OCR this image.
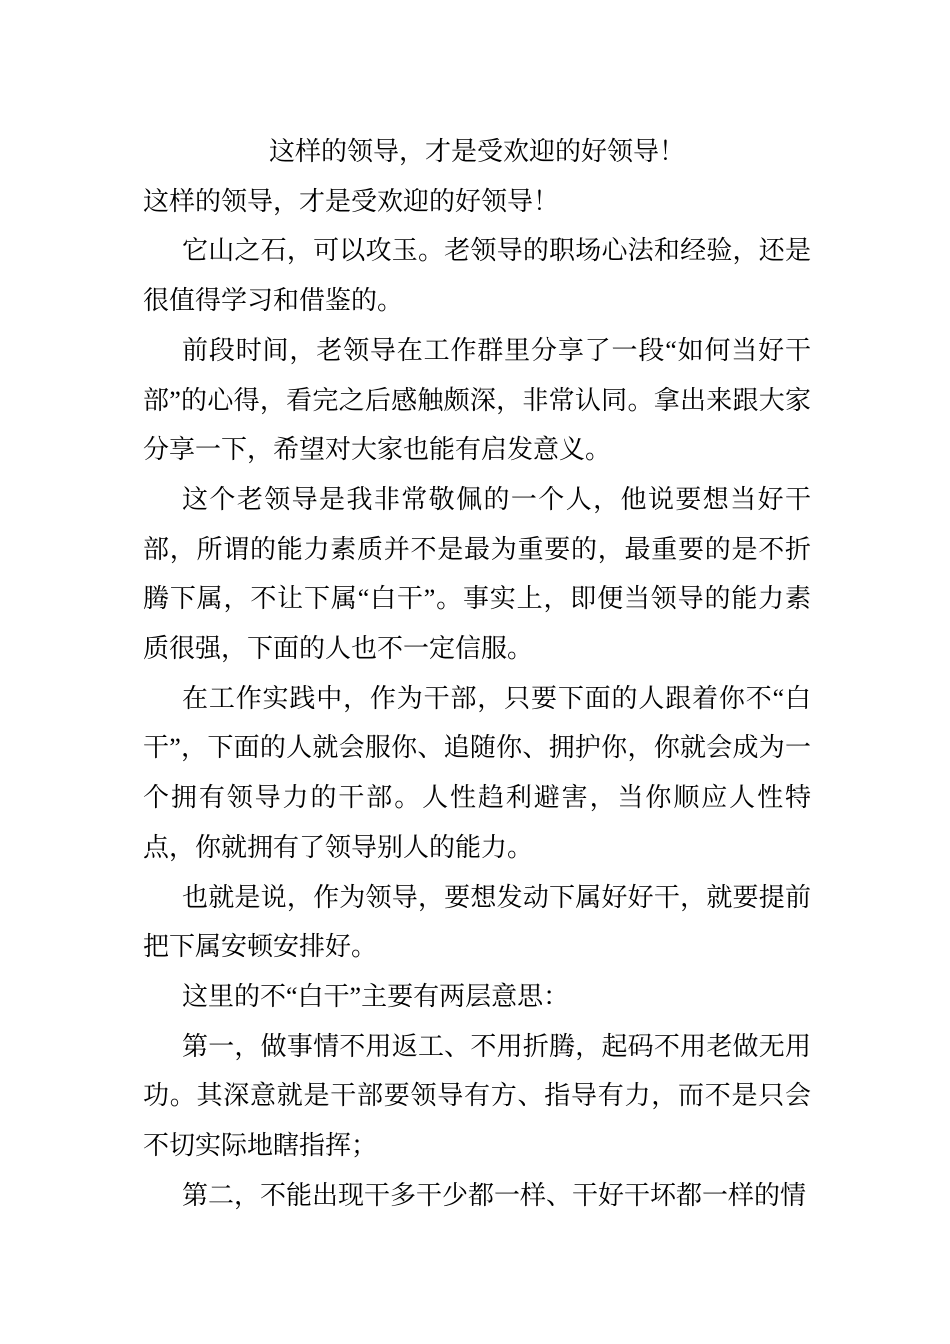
这样的领导，才是受欢迎的好领导！

这样的领导，才是受欢迎的好领导！

它山之石，可以攻玉。老领导的职场心法和经验，还是很值得学习和借鉴的。

前段时间，老领导在工作群里分享了一段“如何当好干部”的心得，看完之后感触颇深，非常认同。拿出来跟大家分享一下，希望对大家也能有启发意义。

这个老领导是我非常敬佩的一个人，他说要想当好干部，所谓的能力素质并不是最为重要的，最重要的是不折腾下属，不让下属“白干”。事实上，即便当领导的能力素质很强，下面的人也不一定信服。

在工作实践中，作为干部，只要下面的人跟着你不“白干”，下面的人就会服你、追随你、拥护你，你就会成为一个拥有领导力的干部。人性趋利避害，当你顺应人性特点，你就拥有了领导别人的能力。

也就是说，作为领导，要想发动下属好好干，就要提前把下属安顿安排好。

这里的不“白干”主要有两层意思：

第一，做事情不用返工、不用折腾，起码不用老做无用功。其深意就是干部要领导有方、指导有力，而不是只会不切实际地瞎指挥；

第二，不能出现干多干少都一样、干好干坏都一样的情
